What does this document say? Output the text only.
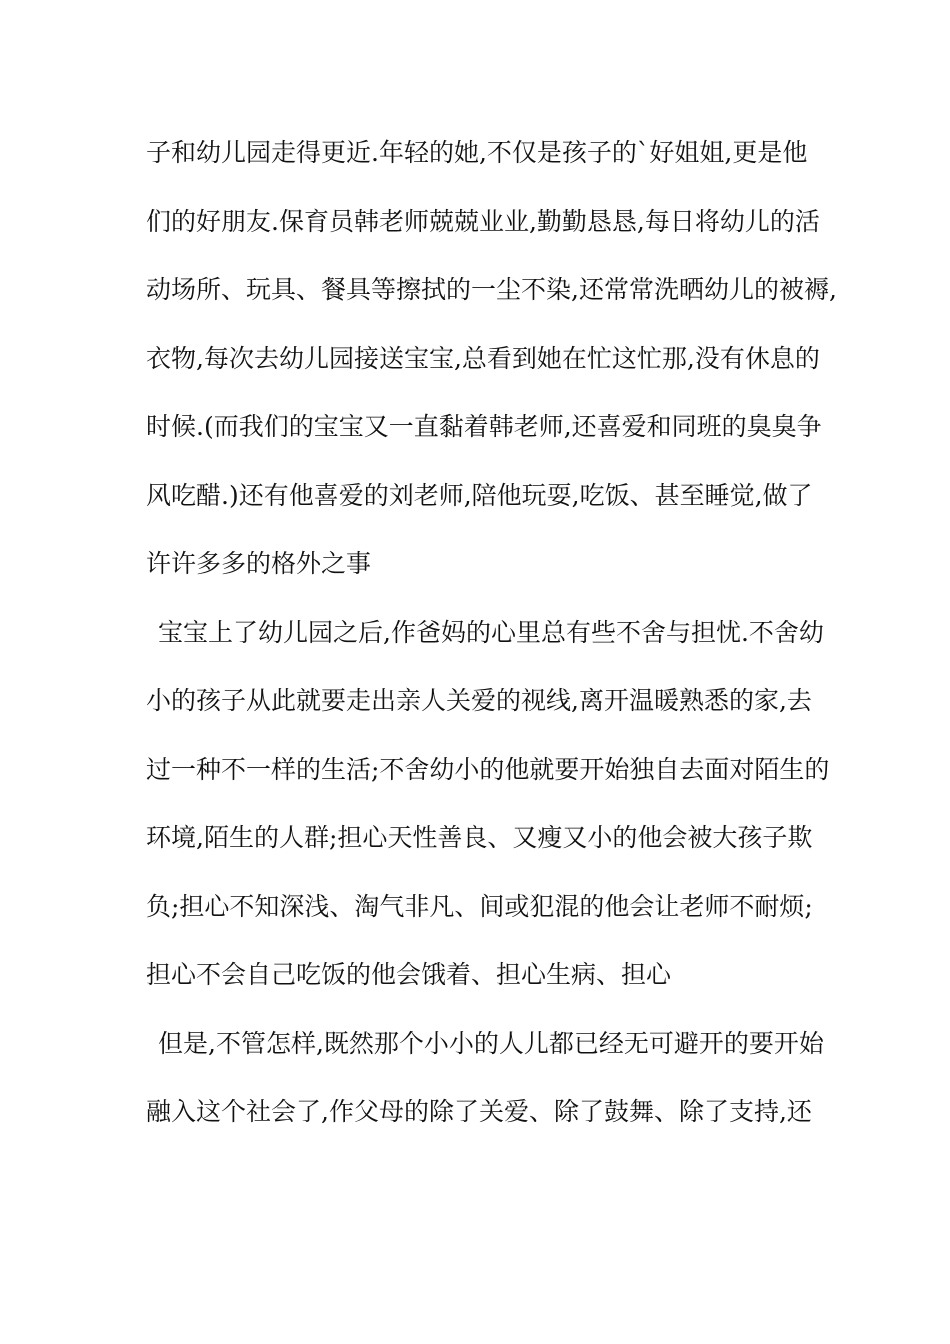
子和幼儿园走得更近.年轻的她,不仅是孩子的`好姐姐,更是他
们的好朋友.保育员韩老师兢兢业业,勤勤恳恳,每日将幼儿的活
动场所、玩具、餐具等擦拭的一尘不染,还常常洗晒幼儿的被褥,
衣物,每次去幼儿园接送宝宝,总看到她在忙这忙那,没有休息的
时候.(而我们的宝宝又一直黏着韩老师,还喜爱和同班的臭臭争
风吃醋.)还有他喜爱的刘老师,陪他玩耍,吃饭、甚至睡觉,做了
许许多多的格外之事
宝宝上了幼儿园之后,作爸妈的心里总有些不舍与担忧.不舍幼
小的孩子从此就要走出亲人关爱的视线,离开温暖熟悉的家,去
过一种不一样的生活;不舍幼小的他就要开始独自去面对陌生的
环境,陌生的人群;担心天性善良、又瘦又小的他会被大孩子欺
负;担心不知深浅、淘气非凡、间或犯混的他会让老师不耐烦;
担心不会自己吃饭的他会饿着、担心生病、担心
但是,不管怎样,既然那个小小的人儿都已经无可避开的要开始
融入这个社会了,作父母的除了关爱、除了鼓舞、除了支持,还
